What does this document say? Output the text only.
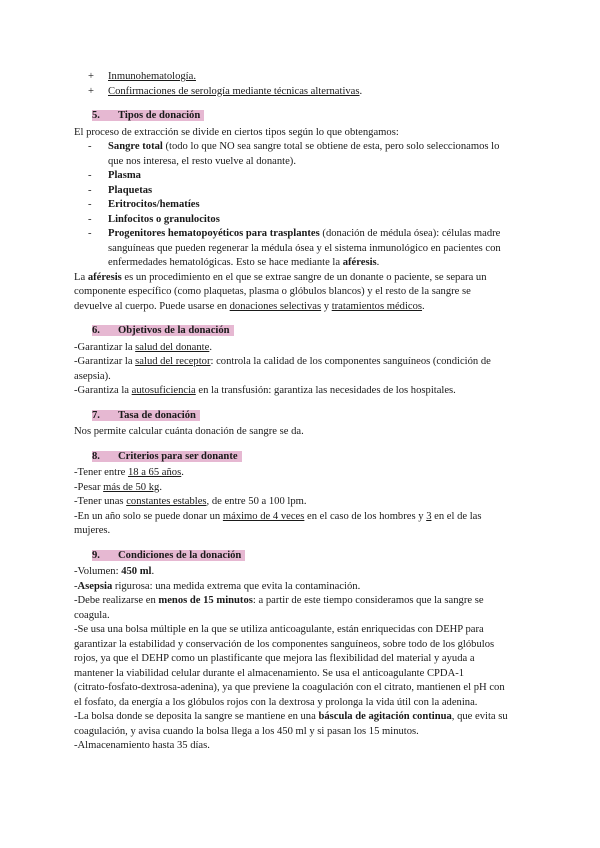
+ Inmunohematología.
+ Confirmaciones de serología mediante técnicas alternativas.
5. Tipos de donación
El proceso de extracción se divide en ciertos tipos según lo que obtengamos:
- Sangre total (todo lo que NO sea sangre total se obtiene de esta, pero solo seleccionamos lo
que nos interesa, el resto vuelve al donante).
- Plasma
- Plaquetas
- Eritrocitos/hematíes
- Linfocitos o granulocitos
- Progenitores hematopoyéticos para trasplantes (donación de médula ósea): células madre
sanguíneas que pueden regenerar la médula ósea y el sistema inmunológico en pacientes con
enfermedades hematológicas. Esto se hace mediante la aféresis.
La aféresis es un procedimiento en el que se extrae sangre de un donante o paciente, se separa un
componente específico (como plaquetas, plasma o glóbulos blancos) y el resto de la sangre se
devuelve al cuerpo. Puede usarse en donaciones selectivas y tratamientos médicos.
6. Objetivos de la donación
-Garantizar la salud del donante.
-Garantizar la salud del receptor: controla la calidad de los componentes sanguíneos (condición de
asepsia).
-Garantiza la autosuficiencia en la transfusión: garantiza las necesidades de los hospitales.
7. Tasa de donación
Nos permite calcular cuánta donación de sangre se da.
8. Criterios para ser donante
-Tener entre 18 a 65 años.
-Pesar más de 50 kg.
-Tener unas constantes estables, de entre 50 a 100 lpm.
-En un año solo se puede donar un máximo de 4 veces en el caso de los hombres y 3 en el de las
mujeres.
9. Condiciones de la donación
-Volumen: 450 ml.
-Asepsia rigurosa: una medida extrema que evita la contaminación.
-Debe realizarse en menos de 15 minutos: a partir de este tiempo consideramos que la sangre se
coagula.
-Se usa una bolsa múltiple en la que se utiliza anticoagulante, están enriquecidas con DEHP para
garantizar la estabilidad y conservación de los componentes sanguíneos, sobre todo de los glóbulos
rojos, ya que el DEHP como un plastificante que mejora las flexibilidad del material y ayuda a
mantener la viabilidad celular durante el almacenamiento. Se usa el anticoagulante CPDA-1
(citrato-fosfato-dextrosa-adenina), ya que previene la coagulación con el citrato, mantienen el pH con
el fosfato, da energía a los glóbulos rojos con la dextrosa y prolonga la vida útil con la adenina.
-La bolsa donde se deposita la sangre se mantiene en una báscula de agitación continua, que evita su
coagulación, y avisa cuando la bolsa llega a los 450 ml y si pasan los 15 minutos.
-Almacenamiento hasta 35 días.
